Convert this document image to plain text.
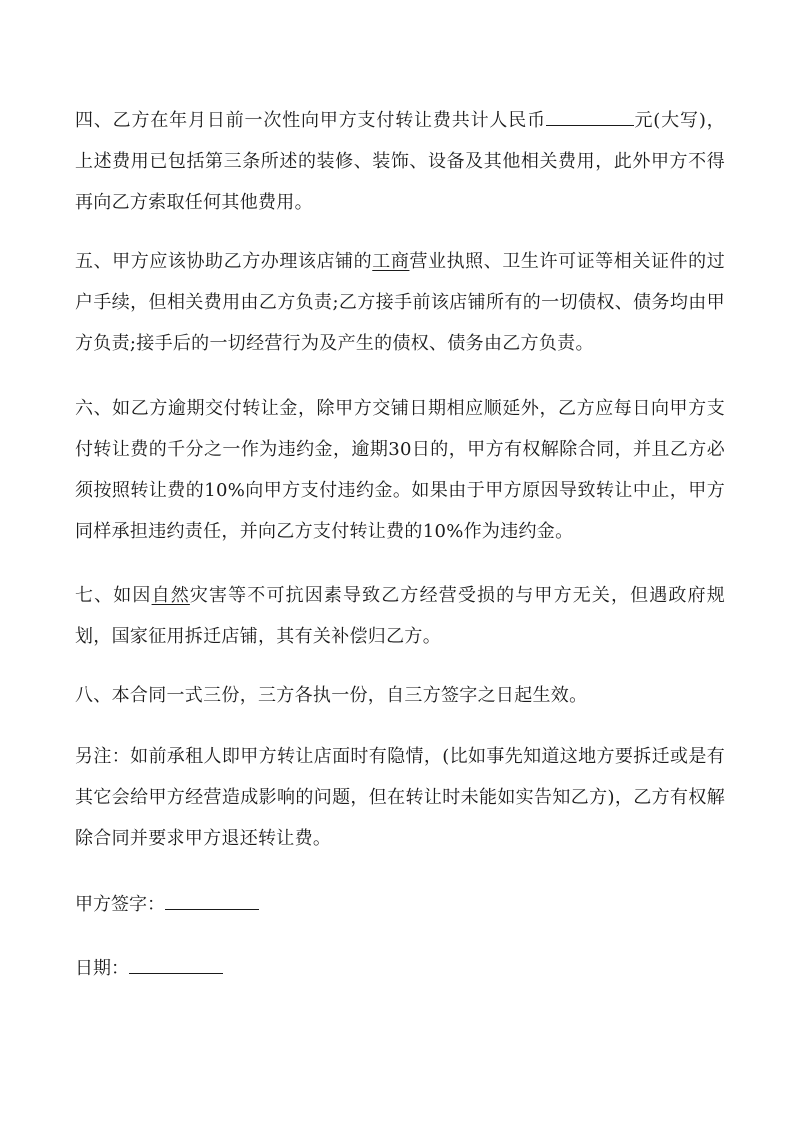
四、乙方在年月日前一次性向甲方支付转让费共计人民币	元(大写)，上述费用已包括第三条所述的装修、装饰、设备及其他相关费用，此外甲方不得再向乙方索取任何其他费用。

五、甲方应该协助乙方办理该店铺的工商营业执照、卫生许可证等相关证件的过户手续，但相关费用由乙方负责;乙方接手前该店铺所有的一切债权、债务均由甲方负责;接手后的一切经营行为及产生的债权、债务由乙方负责。

六、如乙方逾期交付转让金，除甲方交铺日期相应顺延外，乙方应每日向甲方支付转让费的千分之一作为违约金，逾期30日的，甲方有权解除合同，并且乙方必须按照转让费的10%向甲方支付违约金。如果由于甲方原因导致转让中止，甲方同样承担违约责任，并向乙方支付转让费的10%作为违约金。

七、如因自然灾害等不可抗因素导致乙方经营受损的与甲方无关，但遇政府规划，国家征用拆迁店铺，其有关补偿归乙方。

八、本合同一式三份，三方各执一份，自三方签字之日起生效。

另注：如前承租人即甲方转让店面时有隐情，(比如事先知道这地方要拆迁或是有其它会给甲方经营造成影响的问题，但在转让时未能如实告知乙方)，乙方有权解除合同并要求甲方退还转让费。

甲方签字：

日期：
